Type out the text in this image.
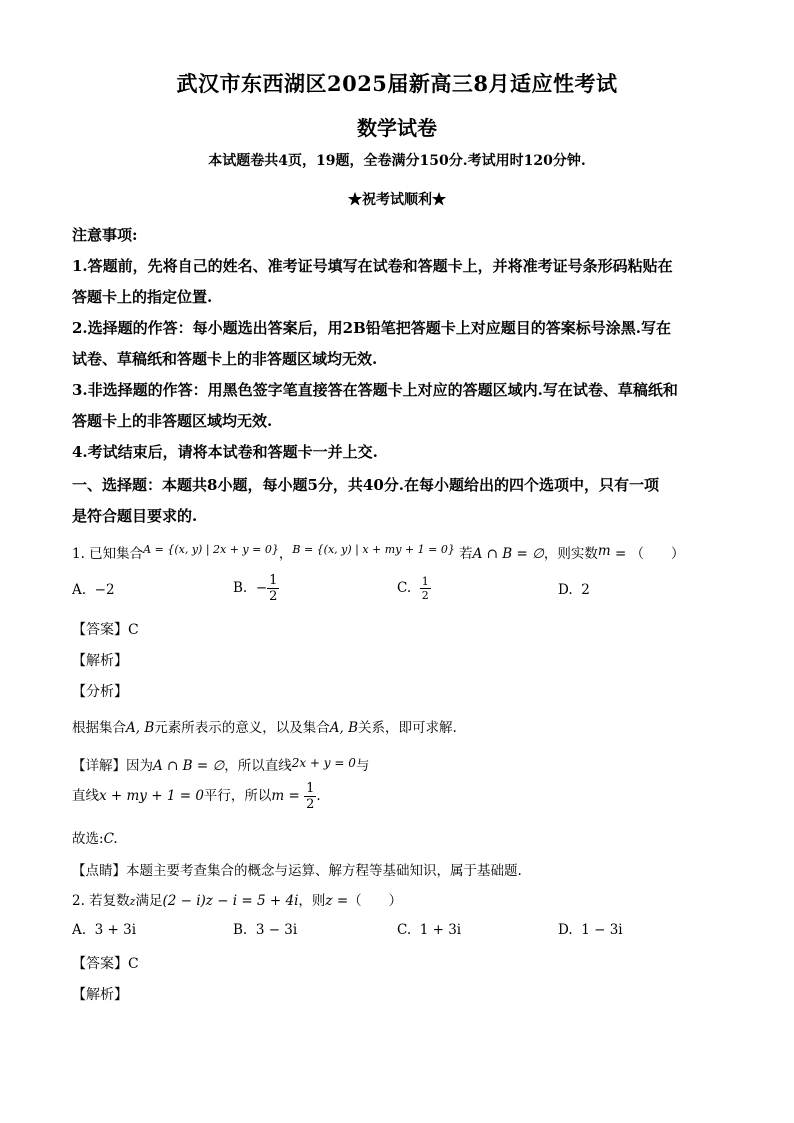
武汉市东西湖区2025届新高三8月适应性考试
数学试卷
本试题卷共4页，19题，全卷满分150分.考试用时120分钟.
★祝考试顺利★
注意事项:
1.答题前，先将自己的姓名、准考证号填写在试卷和答题卡上，并将准考证号条形码粘贴在
答题卡上的指定位置.
2.选择题的作答：每小题选出答案后，用2B铅笔把答题卡上对应题目的答案标号涂黑.写在
试卷、草稿纸和答题卡上的非答题区域均无效.
3.非选择题的作答：用黑色签字笔直接答在答题卡上对应的答题区域内.写在试卷、草稿纸和
答题卡上的非答题区域均无效.
4.考试结束后，请将本试卷和答题卡一并上交.
一、选择题：本题共8小题，每小题5分，共40分.在每小题给出的四个选项中，只有一项
是符合题目要求的.
1. 已知集合$^{A = \{(x, y) | 2x + y = 0\}}$，$^{B = \{(x, y) | x + my + 1 = 0\}}$ 若A ∩ B = ∅，则实数m = （　　）
A. −2	B. − $\frac{1}{2}$	C. $\frac{1}{2}$	D. 2
【答案】C
【解析】
【分析】
根据集合A, B元素所表示的意义，以及集合A, B关系，即可求解.
【详解】因为A ∩ B = ∅，所以直线2x + y = 0与
直线x + my + 1 = 0平行，所以$m = \frac{1}{2}$ .
故选:C.
【点睛】本题主要考查集合的概念与运算、解方程等基础知识，属于基础题.
2. 若复数z满足(2 − i)z − i = 5 + 4i，则z =（　　）
A. 3 + 3i	B. 3 − 3i	C. 1 + 3i	D. 1 − 3i
【答案】C
【解析】
